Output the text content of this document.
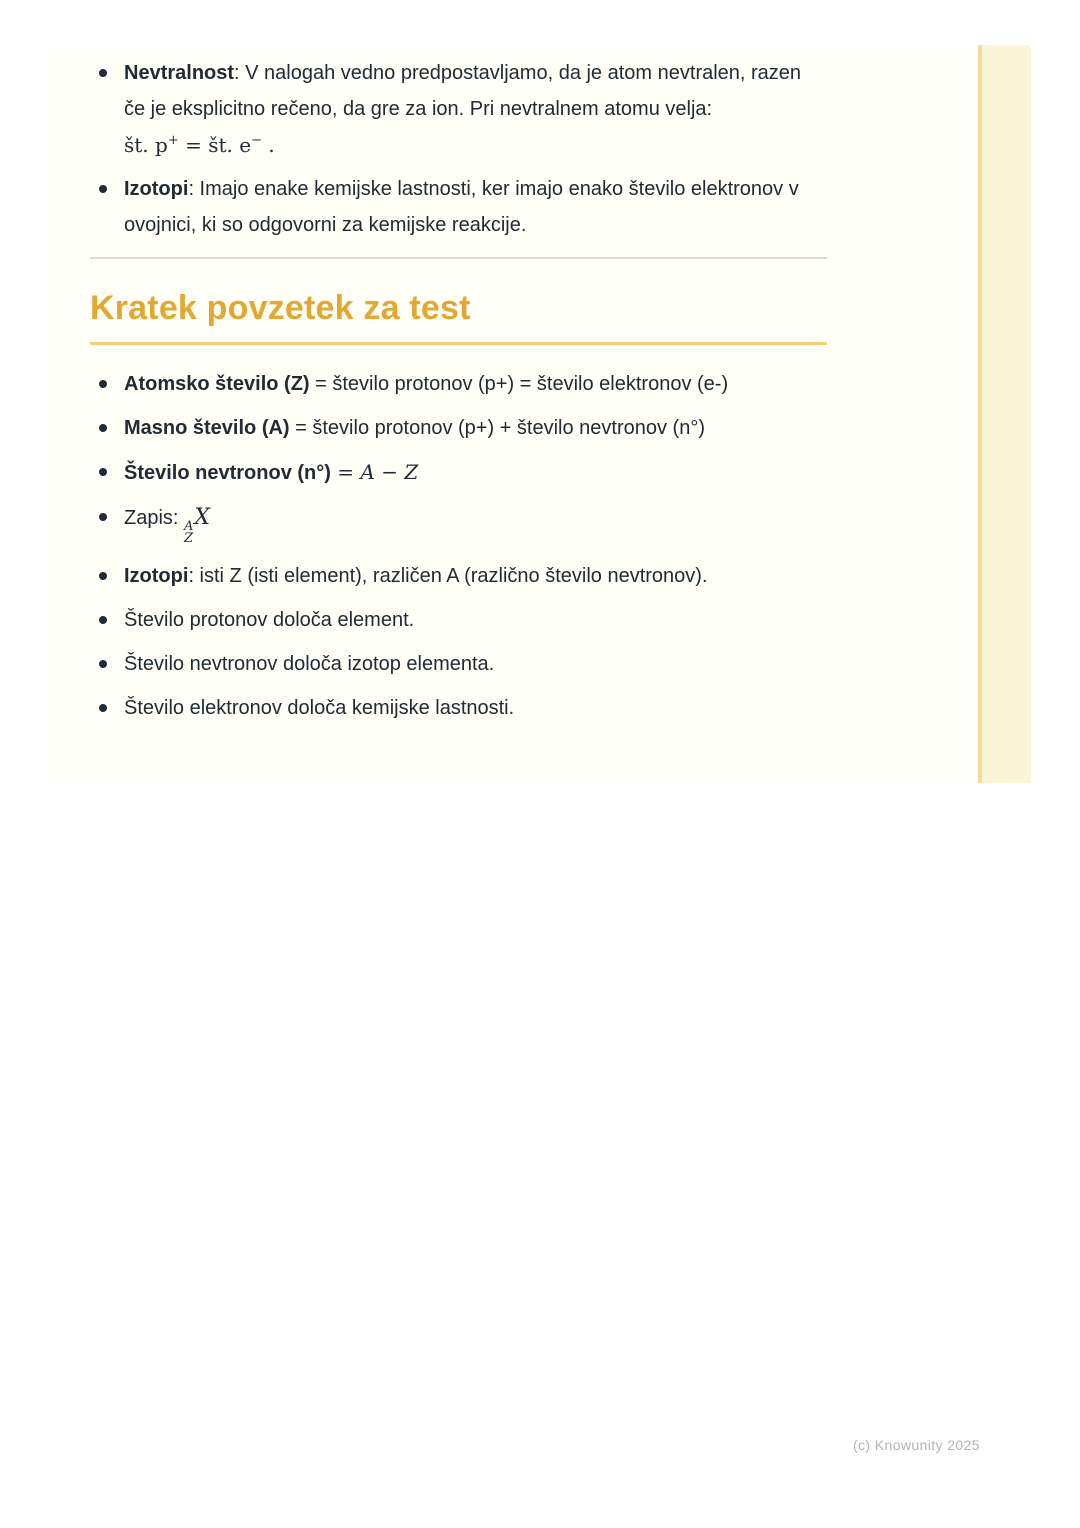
Nevtralnost: V nalogah vedno predpostavljamo, da je atom nevtralen, razen če je eksplicitno rečeno, da gre za ion. Pri nevtralnem atomu velja:
št. p+ = št. e− .
Izotopi: Imajo enake kemijske lastnosti, ker imajo enako število elektronov v ovojnici, ki so odgovorni za kemijske reakcije.
Kratek povzetek za test
Atomsko število (Z) = število protonov (p+) = število elektronov (e-)
Masno število (A) = število protonov (p+) + število nevtronov (n°)
Število nevtronov (n°) = A − Z
Zapis: A
Z
X
Izotopi: isti Z (isti element), različen A (različno število nevtronov).
Število protonov določa element.
Število nevtronov določa izotop elementa.
Število elektronov določa kemijske lastnosti.
(c) Knowunity 2025
